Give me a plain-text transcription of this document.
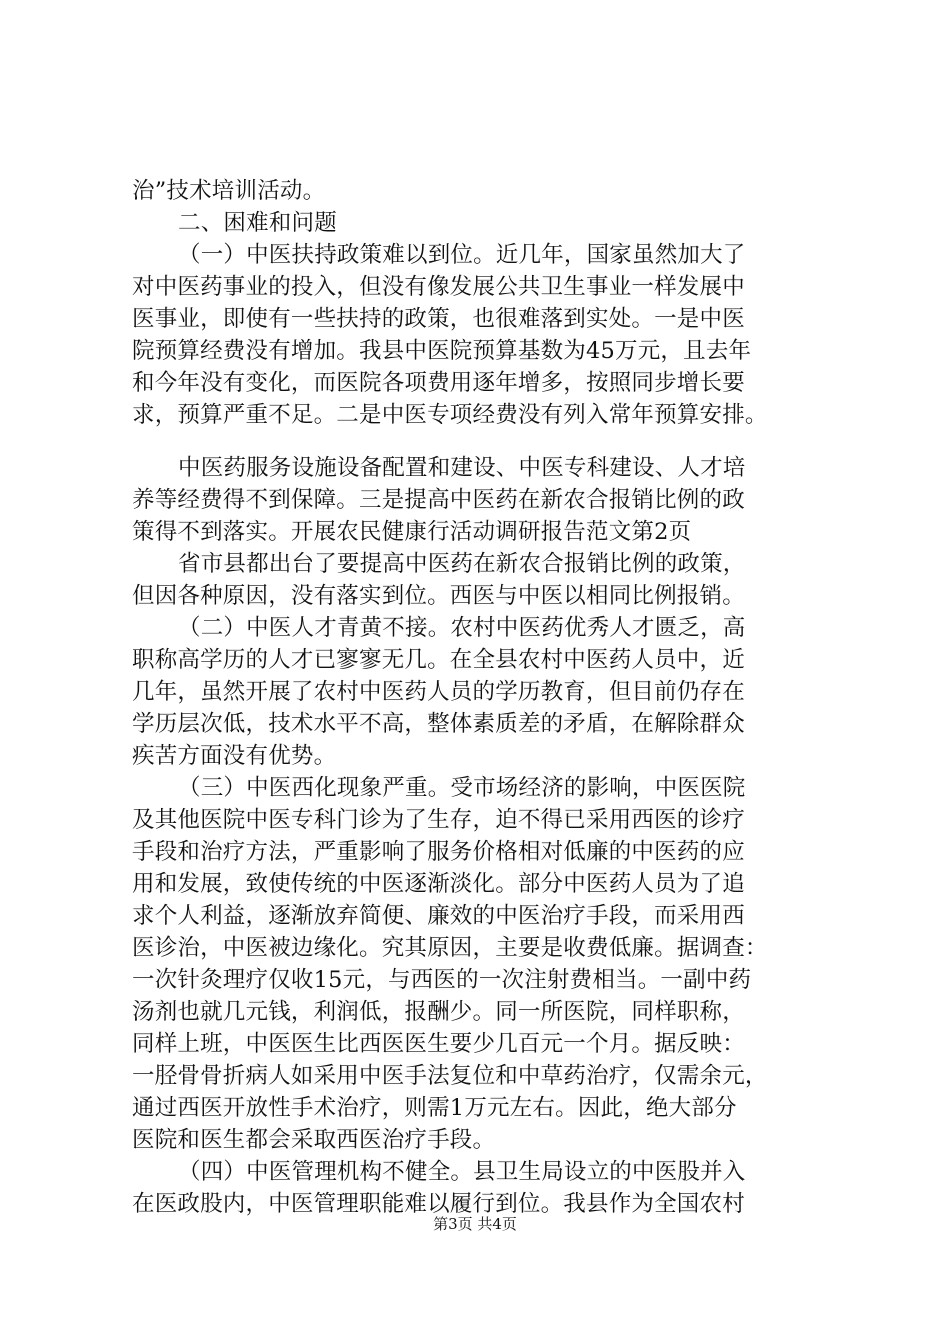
治”技术培训活动。
二、困难和问题
（一）中医扶持政策难以到位。近几年，国家虽然加大了
对中医药事业的投入，但没有像发展公共卫生事业一样发展中
医事业，即使有一些扶持的政策，也很难落到实处。一是中医
院预算经费没有增加。我县中医院预算基数为45万元，且去年
和今年没有变化，而医院各项费用逐年增多，按照同步增长要
求，预算严重不足。二是中医专项经费没有列入常年预算安排。
中医药服务设施设备配置和建设、中医专科建设、人才培
养等经费得不到保障。三是提高中医药在新农合报销比例的政
策得不到落实。开展农民健康行活动调研报告范文第2页
省市县都出台了要提高中医药在新农合报销比例的政策，
但因各种原因，没有落实到位。西医与中医以相同比例报销。
（二）中医人才青黄不接。农村中医药优秀人才匮乏，高
职称高学历的人才已寥寥无几。在全县农村中医药人员中，近
几年，虽然开展了农村中医药人员的学历教育，但目前仍存在
学历层次低，技术水平不高，整体素质差的矛盾，在解除群众
疾苦方面没有优势。
（三）中医西化现象严重。受市场经济的影响，中医医院
及其他医院中医专科门诊为了生存，迫不得已采用西医的诊疗
手段和治疗方法，严重影响了服务价格相对低廉的中医药的应
用和发展，致使传统的中医逐渐淡化。部分中医药人员为了追
求个人利益，逐渐放弃简便、廉效的中医治疗手段，而采用西
医诊治，中医被边缘化。究其原因，主要是收费低廉。据调查：
一次针灸理疗仅收15元，与西医的一次注射费相当。一副中药
汤剂也就几元钱，利润低，报酬少。同一所医院，同样职称，
同样上班，中医医生比西医医生要少几百元一个月。据反映：
一胫骨骨折病人如采用中医手法复位和中草药治疗，仅需余元，
通过西医开放性手术治疗，则需1万元左右。因此，绝大部分
医院和医生都会采取西医治疗手段。
（四）中医管理机构不健全。县卫生局设立的中医股并入
在医政股内，中医管理职能难以履行到位。我县作为全国农村
第3页 共4页
